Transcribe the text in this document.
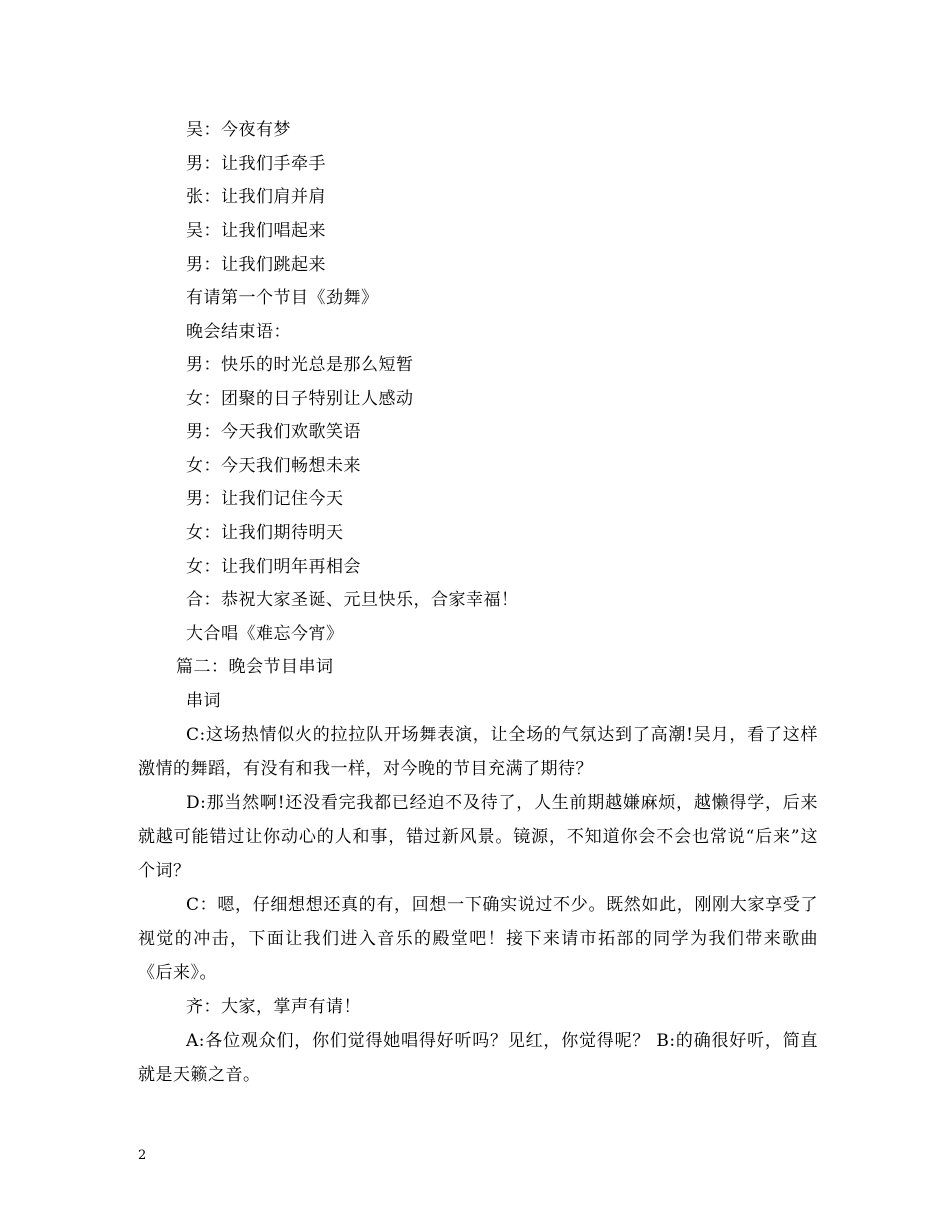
吴：今夜有梦
男：让我们手牵手
张：让我们肩并肩
吴：让我们唱起来
男：让我们跳起来
有请第一个节目《劲舞》
晚会结束语：
男：快乐的时光总是那么短暂
女：团聚的日子特别让人感动
男：今天我们欢歌笑语
女：今天我们畅想未来
男：让我们记住今天
女：让我们期待明天
女：让我们明年再相会
合：恭祝大家圣诞、元旦快乐，合家幸福！
大合唱《难忘今宵》
篇二：晚会节目串词
串词
C:这场热情似火的拉拉队开场舞表演，让全场的气氛达到了高潮!吴月，看了这样激情的舞蹈，有没有和我一样，对今晚的节目充满了期待？
D:那当然啊!还没看完我都已经迫不及待了，人生前期越嫌麻烦，越懒得学，后来就越可能错过让你动心的人和事，错过新风景。镜源，不知道你会不会也常说“后来”这个词？
C：嗯，仔细想想还真的有，回想一下确实说过不少。既然如此，刚刚大家享受了视觉的冲击，下面让我们进入音乐的殿堂吧！接下来请市拓部的同学为我们带来歌曲《后来》。
齐：大家，掌声有请！
A:各位观众们，你们觉得她唱得好听吗？见红，你觉得呢？ B:的确很好听，简直就是天籁之音。
2
